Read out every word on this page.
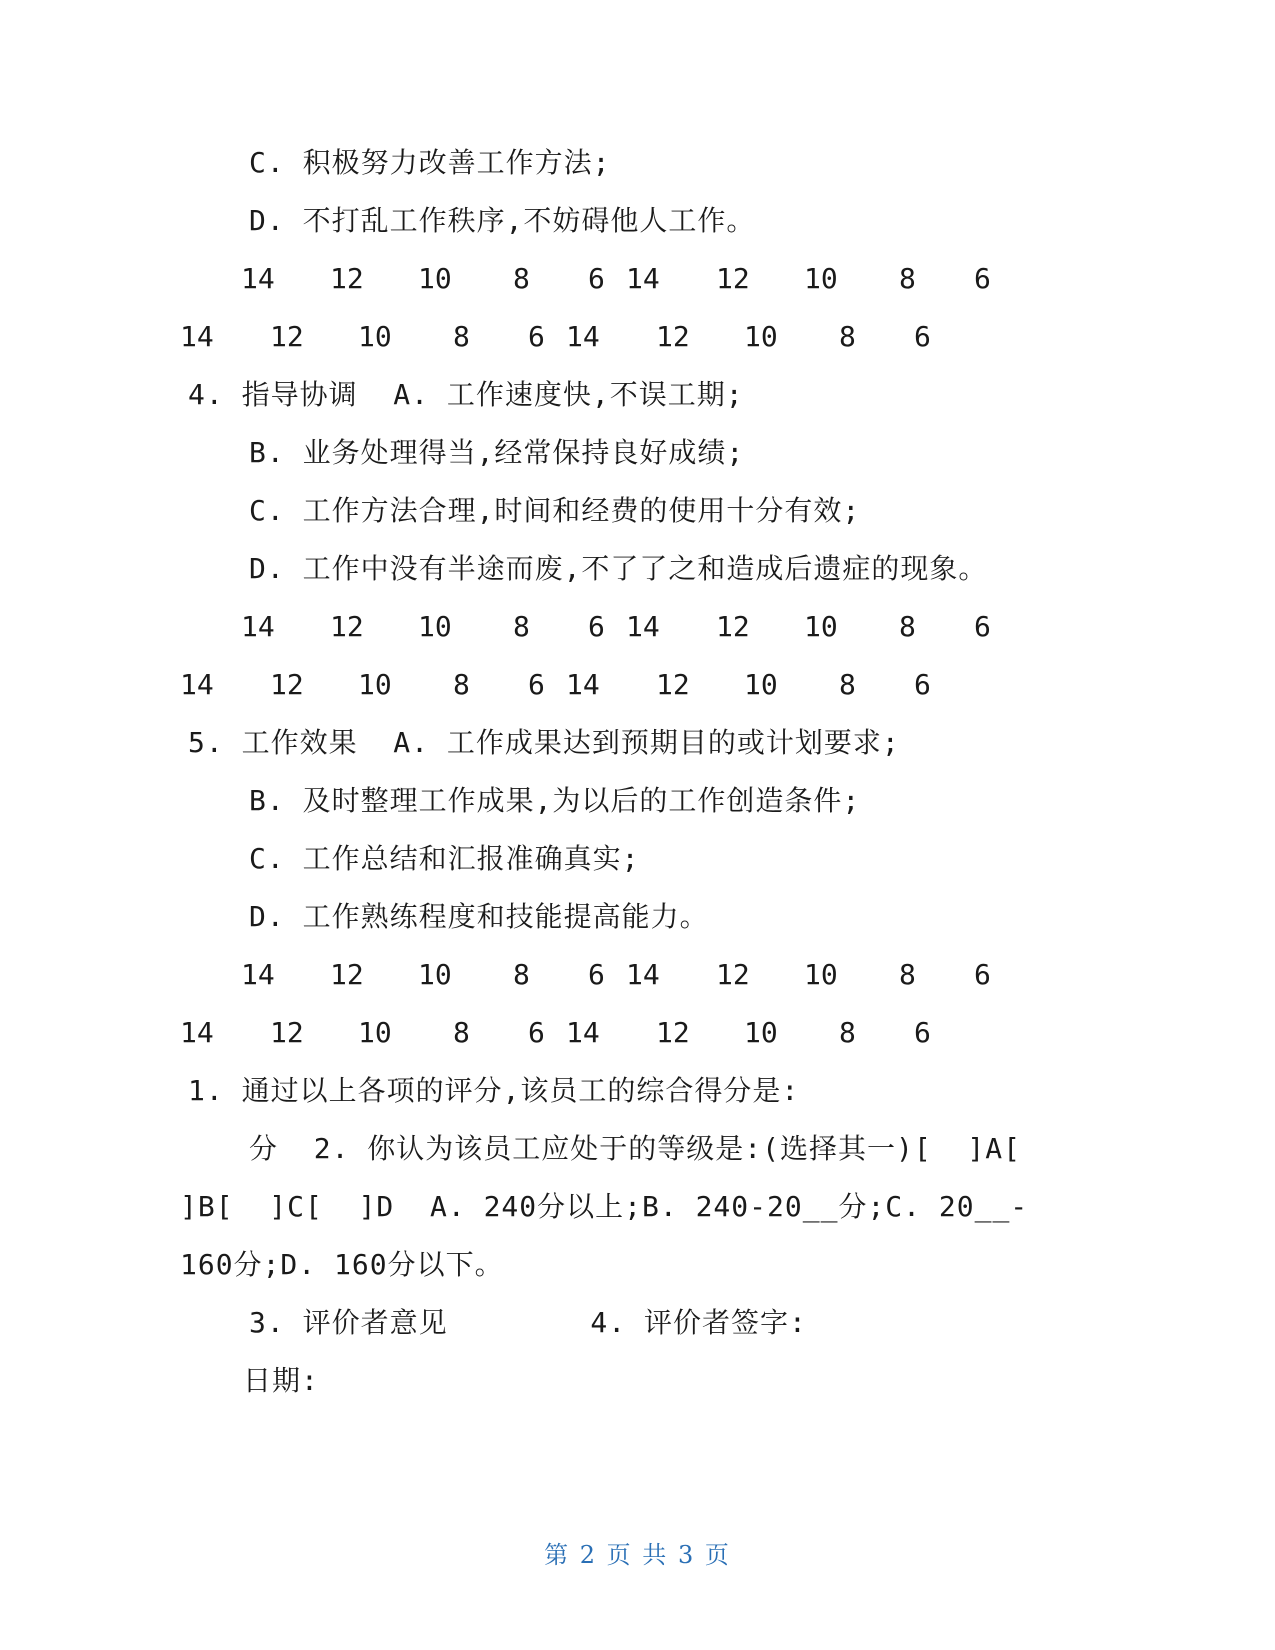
C. 积极努力改善工作方法;
D. 不打乱工作秩序,不妨碍他人工作。
14 12 10 8 6 14 12 10 8 6
14 12 10 8 6 14 12 10 8 6
4. 指导协调  A. 工作速度快,不误工期;
B. 业务处理得当,经常保持良好成绩;
C. 工作方法合理,时间和经费的使用十分有效;
D. 工作中没有半途而废,不了了之和造成后遗症的现象。
14 12 10 8 6 14 12 10 8 6
14 12 10 8 6 14 12 10 8 6
5. 工作效果  A. 工作成果达到预期目的或计划要求;
B. 及时整理工作成果,为以后的工作创造条件;
C. 工作总结和汇报准确真实;
D. 工作熟练程度和技能提高能力。
14 12 10 8 6 14 12 10 8 6
14 12 10 8 6 14 12 10 8 6
1. 通过以上各项的评分,该员工的综合得分是:
分  2. 你认为该员工应处于的等级是:(选择其一)[  ]A[
]B[  ]C[  ]D  A. 240分以上;B. 240-20__分;C. 20__-
160分;D. 160分以下。
3. 评价者意见        4. 评价者签字:
日期:
第 2 页 共 3 页
